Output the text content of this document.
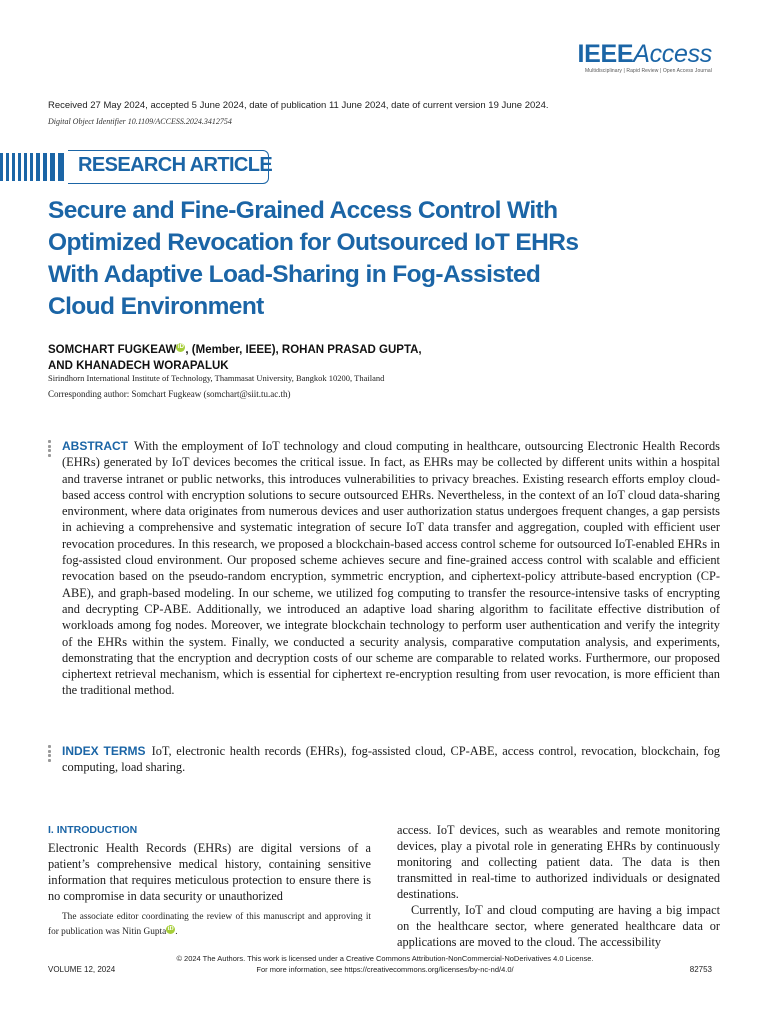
IEEEAccess
Multidisciplinary | Rapid Review | Open Access Journal
Received 27 May 2024, accepted 5 June 2024, date of publication 11 June 2024, date of current version 19 June 2024.
Digital Object Identifier 10.1109/ACCESS.2024.3412754
RESEARCH ARTICLE
Secure and Fine-Grained Access Control With Optimized Revocation for Outsourced IoT EHRs With Adaptive Load-Sharing in Fog-Assisted Cloud Environment
SOMCHART FUGKEAW iD , (Member, IEEE), ROHAN PRASAD GUPTA,
AND KHANADECH WORAPALUK
Sirindhorn International Institute of Technology, Thammasat University, Bangkok 10200, Thailand
Corresponding author: Somchart Fugkeaw (somchart@siit.tu.ac.th)

ABSTRACT With the employment of IoT technology and cloud computing in healthcare, outsourcing Electronic Health Records (EHRs) generated by IoT devices becomes the critical issue. In fact, as EHRs may be collected by different units within a hospital and traverse intranet or public networks, this introduces vulnerabilities to privacy breaches. Existing research efforts employ cloud-based access control with encryption solutions to secure outsourced EHRs. Nevertheless, in the context of an IoT cloud data-sharing environment, where data originates from numerous devices and user authorization status undergoes frequent changes, a gap persists in achieving a comprehensive and systematic integration of secure IoT data transfer and aggregation, coupled with efficient user revocation procedures. In this research, we proposed a blockchain-based access control scheme for outsourced IoT-enabled EHRs in fog-assisted cloud environment. Our proposed scheme achieves secure and fine-grained access control with scalable and efficient revocation based on the pseudo-random encryption, symmetric encryption, and ciphertext-policy attribute-based encryption (CP-ABE), and graph-based modeling. In our scheme, we utilized fog computing to transfer the resource-intensive tasks of encrypting and decrypting CP-ABE. Additionally, we introduced an adaptive load sharing algorithm to facilitate effective distribution of workloads among fog nodes. Moreover, we integrate blockchain technology to perform user authentication and verify the integrity of the EHRs within the system. Finally, we conducted a security analysis, comparative computation analysis, and experiments, demonstrating that the encryption and decryption costs of our scheme are comparable to related works. Furthermore, our proposed ciphertext retrieval mechanism, which is essential for ciphertext re-encryption resulting from user revocation, is more efficient than the traditional method.

INDEX TERMS IoT, electronic health records (EHRs), fog-assisted cloud, CP-ABE, access control, revocation, blockchain, fog computing, load sharing.

I. INTRODUCTION

Electronic Health Records (EHRs) are digital versions of a patient’s comprehensive medical history, containing sensitive information that requires meticulous protection to ensure there is no compromise in data security or unauthorized

The associate editor coordinating the review of this manuscript and approving it for publication was Nitin Gupta iD .

access. IoT devices, such as wearables and remote monitoring devices, play a pivotal role in generating EHRs by continuously monitoring and collecting patient data. The data is then transmitted in real-time to authorized individuals or designated destinations.

Currently, IoT and cloud computing are having a big impact on the healthcare sector, where generated healthcare data or applications are moved to the cloud. The accessibility

© 2024 The Authors. This work is licensed under a Creative Commons Attribution-NonCommercial-NoDerivatives 4.0 License.
For more information, see https://creativecommons.org/licenses/by-nc-nd/4.0/
VOLUME 12, 2024	82753
